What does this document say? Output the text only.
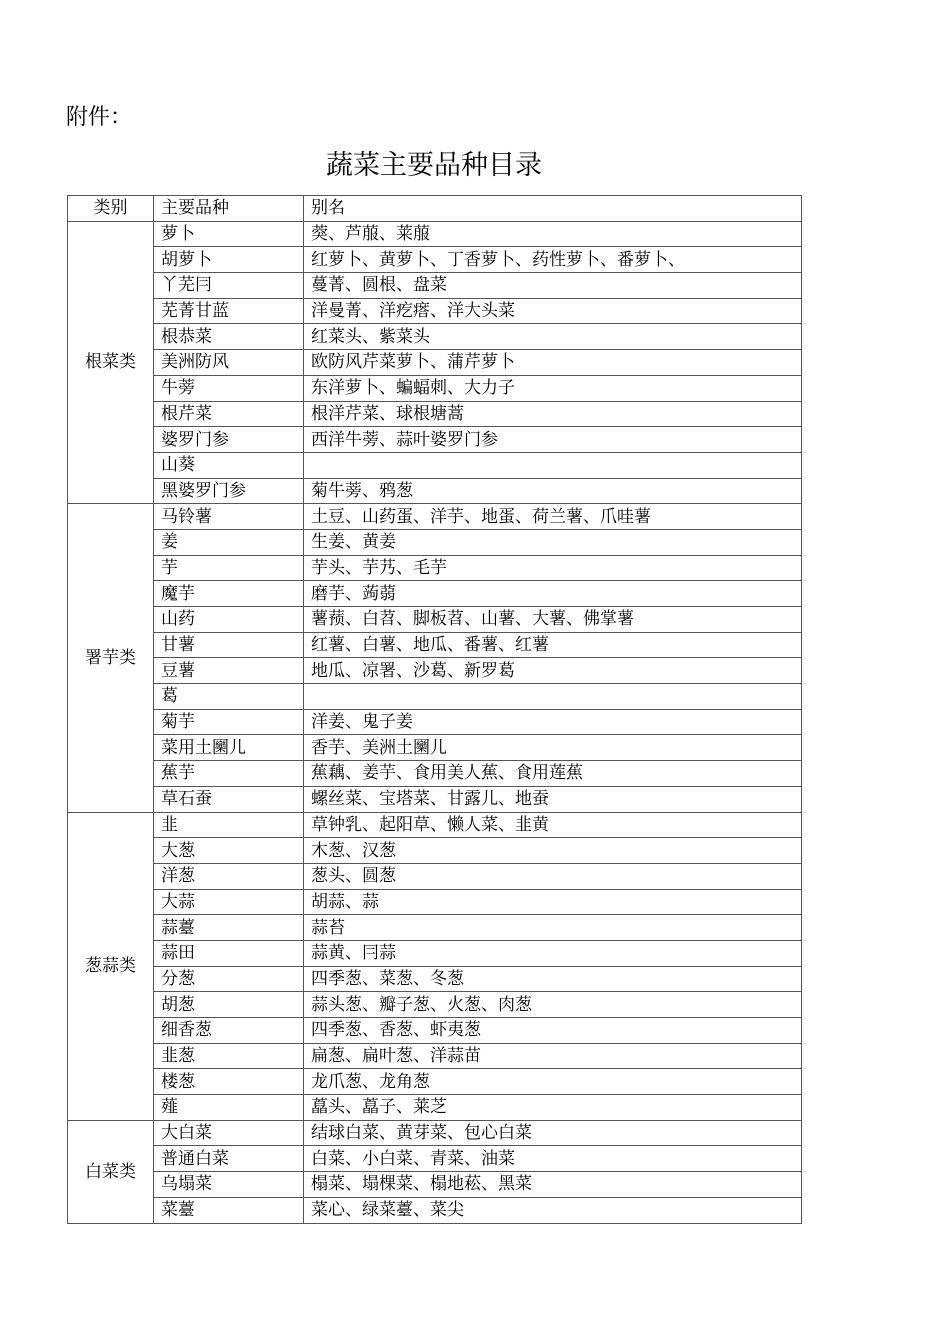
附件：
蔬菜主要品种目录
类别	主要品种	别名
根菜类	萝卜	葖、芦菔、莱菔
	胡萝卜	红萝卜、黄萝卜、丁香萝卜、药性萝卜、番萝卜、
	丫芜冃	蔓菁、圆根、盘菜
	芜菁甘蓝	洋曼菁、洋疙瘩、洋大头菜
	根恭菜	红菜头、紫菜头
	美洲防风	欧防风芹菜萝卜、蒲芹萝卜
	牛蒡	东洋萝卜、蝙蝠刺、大力子
	根芹菜	根洋芹菜、球根塘蒿
	婆罗门参	西洋牛蒡、蒜叶婆罗门参
	山葵	
	黑婆罗门参	菊牛蒡、鸦葱
署芋类	马铃薯	土豆、山药蛋、洋芋、地蛋、荷兰薯、爪哇薯
	姜	生姜、黄姜
	芋	芋头、芋艿、毛芋
	魔芋	磨芋、蒟蒻
	山药	薯蓣、白苕、脚板苕、山薯、大薯、佛掌薯
	甘薯	红薯、白薯、地瓜、番薯、红薯
	豆薯	地瓜、凉署、沙葛、新罗葛
	葛	
	菊芋	洋姜、鬼子姜
	菜用土圞儿	香芋、美洲土圞儿
	蕉芋	蕉藕、姜芋、食用美人蕉、食用莲蕉
	草石蚕	螺丝菜、宝塔菜、甘露儿、地蚕
葱蒜类	韭	草钟乳、起阳草、懒人菜、韭黄
	大葱	木葱、汉葱
	洋葱	葱头、圆葱
	大蒜	胡蒜、蒜
	蒜薹	蒜苔
	蒜田	蒜黄、冃蒜
	分葱	四季葱、菜葱、冬葱
	胡葱	蒜头葱、瓣子葱、火葱、肉葱
	细香葱	四季葱、香葱、虾夷葱
	韭葱	扁葱、扁叶葱、洋蒜苗
	楼葱	龙爪葱、龙角葱
	薤	藠头、藠子、莱芝
白菜类	大白菜	结球白菜、黄芽菜、包心白菜
	普通白菜	白菜、小白菜、青菜、油菜
	乌塌菜	榻菜、塌棵菜、榻地菘、黑菜
	菜薹	菜心、绿菜薹、菜尖
